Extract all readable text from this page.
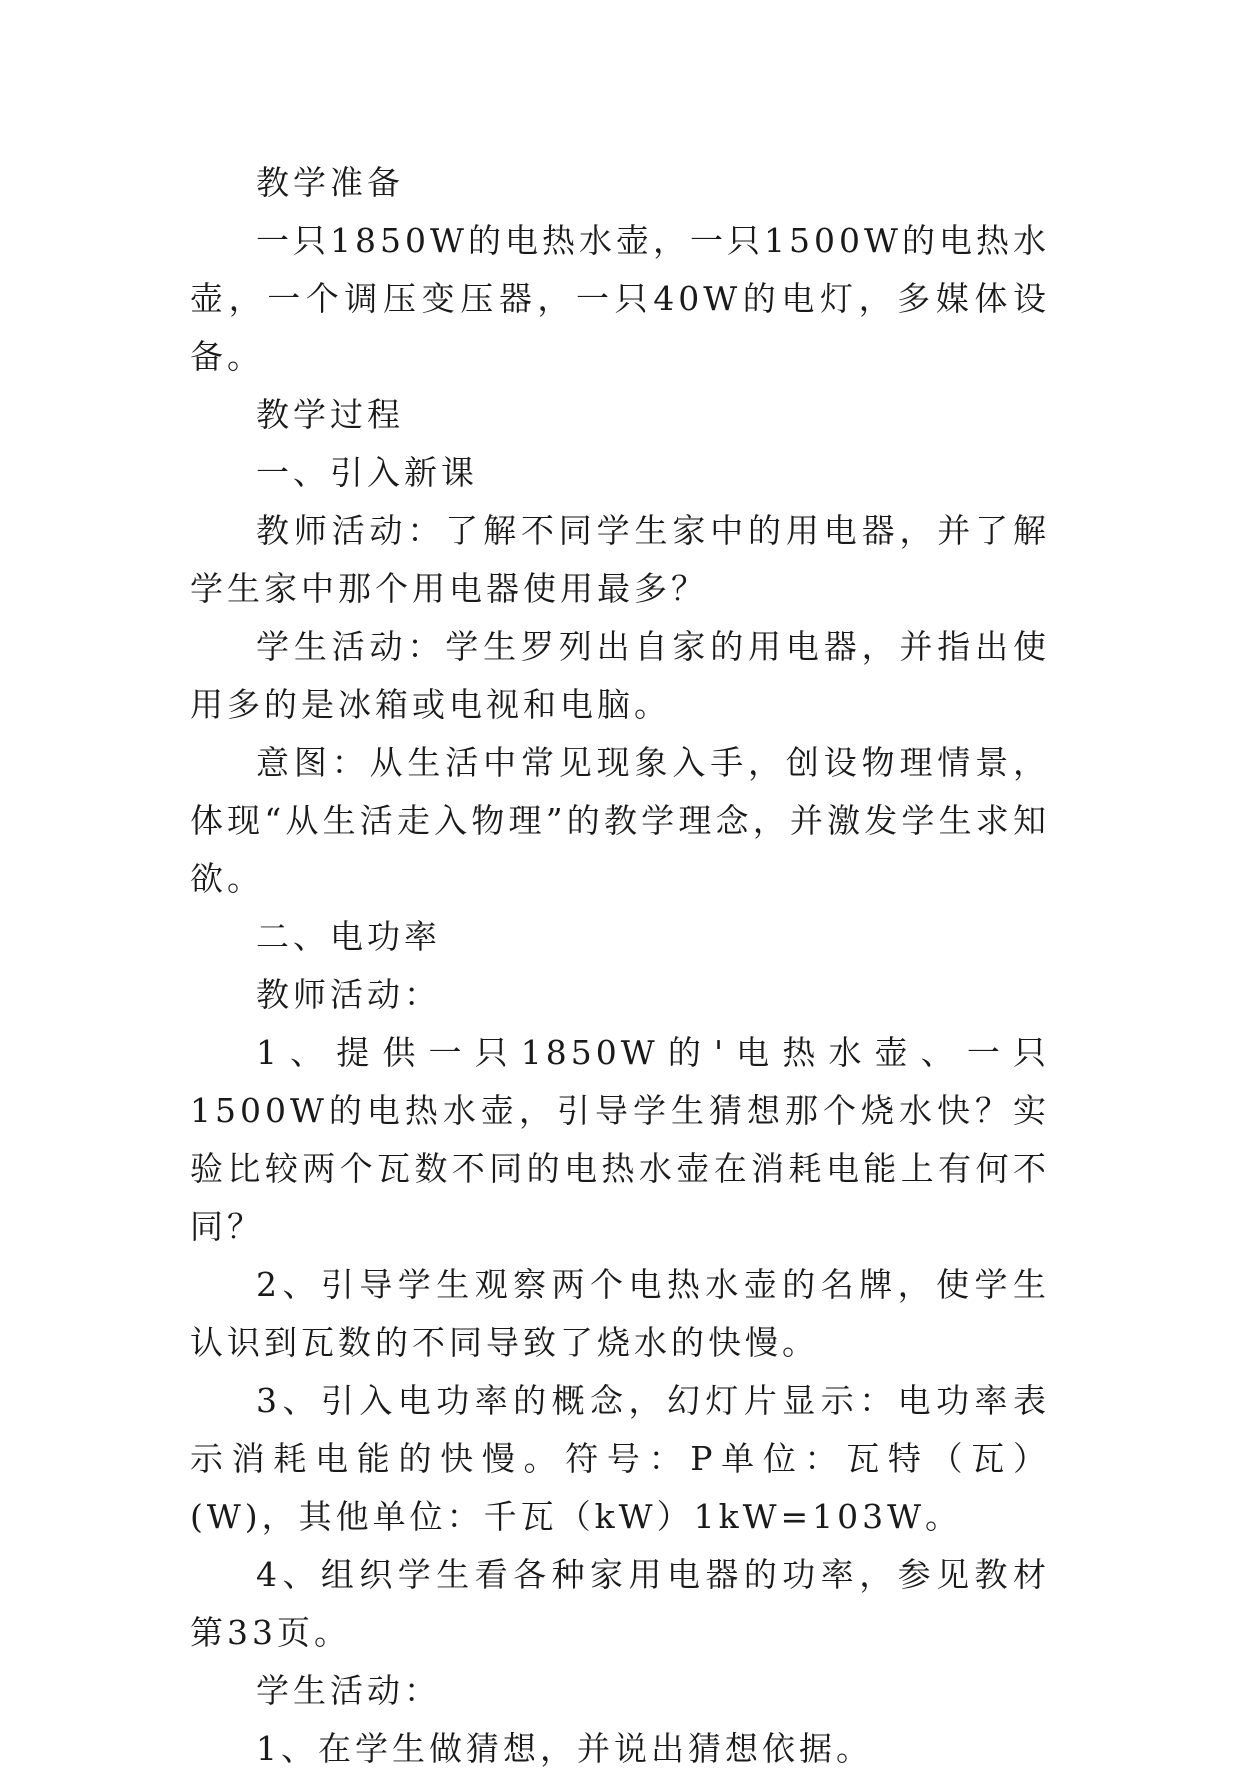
教学准备

一只1850W的电热水壶，一只1500W的电热水壶，一个调压变压器，一只40W的电灯，多媒体设备。

教学过程

一、引入新课

教师活动：了解不同学生家中的用电器，并了解学生家中那个用电器使用最多？

学生活动：学生罗列出自家的用电器，并指出使用多的是冰箱或电视和电脑。

意图：从生活中常见现象入手，创设物理情景，体现“从生活走入物理”的教学理念，并激发学生求知欲。

二、电功率

教师活动：

1、提供一只1850W的'电热水壶、一只1500W的电热水壶，引导学生猜想那个烧水快？实验比较两个瓦数不同的电热水壶在消耗电能上有何不同？

2、引导学生观察两个电热水壶的名牌，使学生认识到瓦数的不同导致了烧水的快慢。

3、引入电功率的概念，幻灯片显示：电功率表示消耗电能的快慢。符号：P单位：瓦特（瓦）(W)，其他单位：千瓦（kW）1kW=103W。

4、组织学生看各种家用电器的功率，参见教材第33页。

学生活动：

1、在学生做猜想，并说出猜想依据。
